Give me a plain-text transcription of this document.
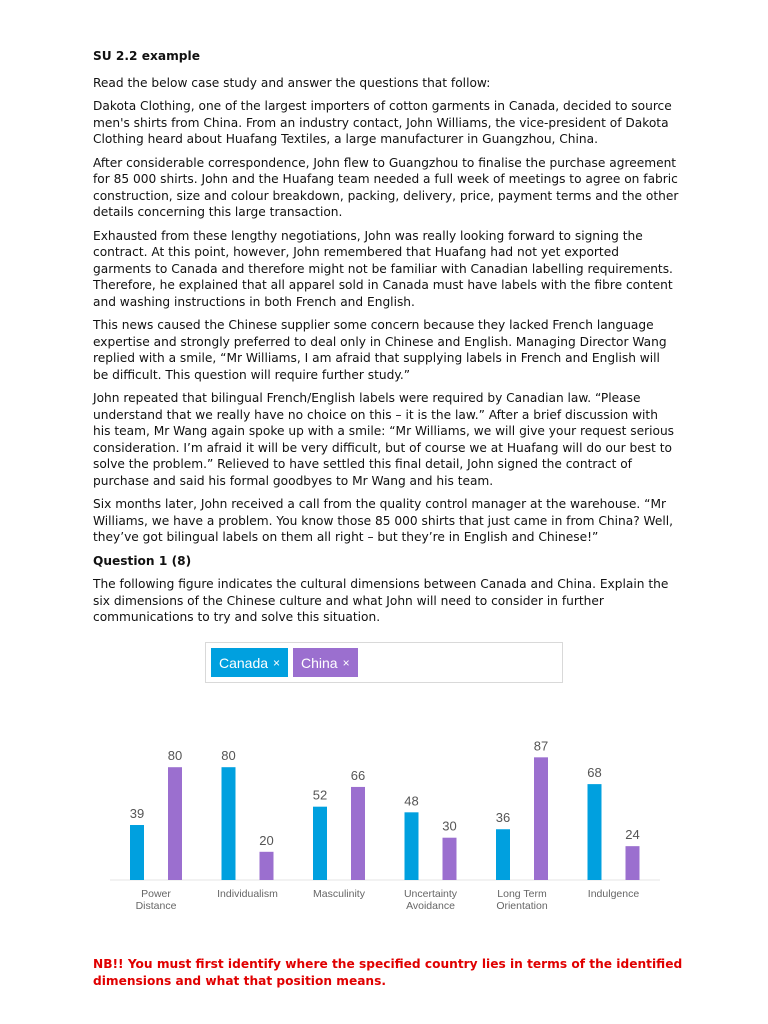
SU 2.2 example

Read the below case study and answer the questions that follow:

Dakota Clothing, one of the largest importers of cotton garments in Canada, decided to source men's shirts from China. From an industry contact, John Williams, the vice-president of Dakota Clothing heard about Huafang Textiles, a large manufacturer in Guangzhou, China.

After considerable correspondence, John flew to Guangzhou to finalise the purchase agreement for 85 000 shirts. John and the Huafang team needed a full week of meetings to agree on fabric construction, size and colour breakdown, packing, delivery, price, payment terms and the other details concerning this large transaction.

Exhausted from these lengthy negotiations, John was really looking forward to signing the contract. At this point, however, John remembered that Huafang had not yet exported garments to Canada and therefore might not be familiar with Canadian labelling requirements. Therefore, he explained that all apparel sold in Canada must have labels with the fibre content and washing instructions in both French and English.

This news caused the Chinese supplier some concern because they lacked French language expertise and strongly preferred to deal only in Chinese and English. Managing Director Wang replied with a smile, “Mr Williams, I am afraid that supplying labels in French and English will be difficult. This question will require further study.”

John repeated that bilingual French/English labels were required by Canadian law. “Please understand that we really have no choice on this – it is the law.” After a brief discussion with his team, Mr Wang again spoke up with a smile: “Mr Williams, we will give your request serious consideration. I’m afraid it will be very difficult, but of course we at Huafang will do our best to solve the problem.” Relieved to have settled this final detail, John signed the contract of purchase and said his formal goodbyes to Mr Wang and his team.

Six months later, John received a call from the quality control manager at the warehouse. “Mr Williams, we have a problem. You know those 85 000 shirts that just came in from China? Well, they’ve got bilingual labels on them all right – but they’re in English and Chinese!”

Question 1 (8)

The following figure indicates the cultural dimensions between Canada and China. Explain the six dimensions of the Chinese culture and what John will need to consider in further communications to try and solve this situation.

Canada × China ×
39
80
Power
Distance
80
20
Individualism
52
66
Masculinity
48
30
Uncertainty
Avoidance
36
87
Long Term
Orientation
68
24
Indulgence
NB!! You must first identify where the specified country lies in terms of the identified dimensions and what that position means.
